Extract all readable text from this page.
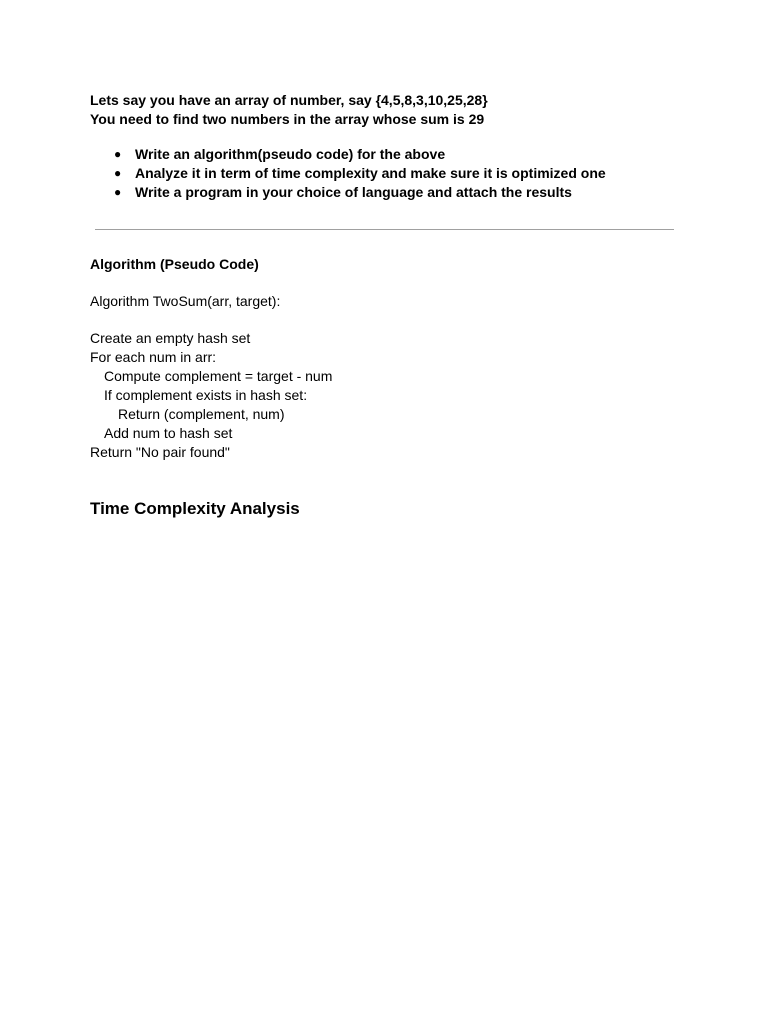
Lets say you have an array of number, say {4,5,8,3,10,25,28}

You need to find two numbers in the array whose sum is 29

● Write an algorithm(pseudo code) for the above
● Analyze it in term of time complexity and make sure it is optimized one
● Write a program in your choice of language and attach the results

Algorithm (Pseudo Code)

Algorithm TwoSum(arr, target):

Create an empty hash set

For each num in arr:

Compute complement = target - num

If complement exists in hash set:

Return (complement, num)

Add num to hash set

Return "No pair found"

Time Complexity Analysis
